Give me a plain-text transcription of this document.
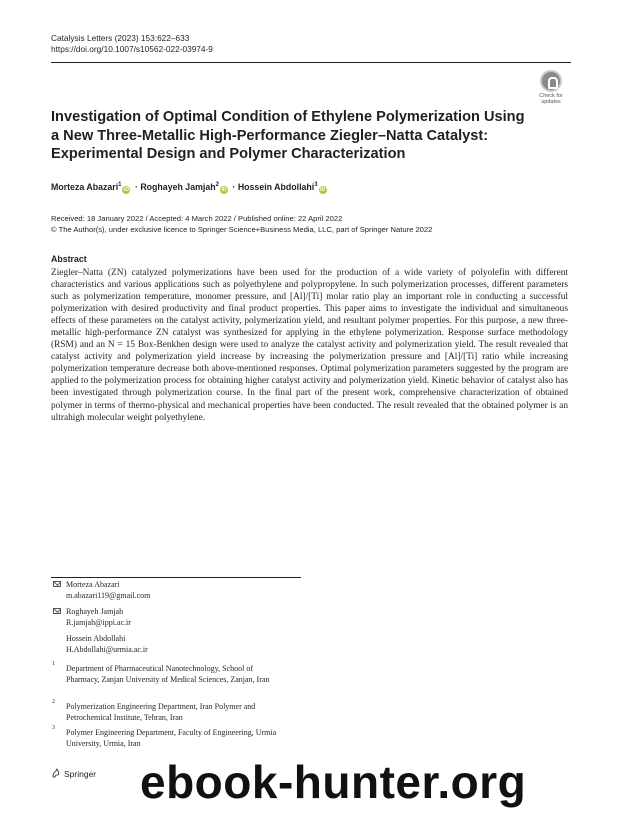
Catalysis Letters (2023) 153:622–633
https://doi.org/10.1007/s10562-022-03974-9
Check for
updates
Investigation of Optimal Condition of Ethylene Polymerization Using a New Three-Metallic High-Performance Ziegler–Natta Catalyst: Experimental Design and Polymer Characterization
Morteza Abazari$^1$iD · Roghayeh Jamjah$^2$iD · Hossein Abdollahi$^3$iD
Received: 18 January 2022 / Accepted: 4 March 2022 / Published online: 22 April 2022
© The Author(s), under exclusive licence to Springer Science+Business Media, LLC, part of Springer Nature 2022
Abstract

Ziegler–Natta (ZN) catalyzed polymerizations have been used for the production of a wide variety of polyolefin with different characteristics and various applications such as polyethylene and polypropylene. In such polymerization processes, different parameters such as polymerization temperature, monomer pressure, and [Al]/[Ti] molar ratio play an important role in conducting a successful polymerization with desired productivity and final product properties. This paper aims to investigate the individual and simultaneous effects of these parameters on the catalyst activity, polymerization yield, and resultant polymer properties. For this purpose, a new three-metallic high-performance ZN catalyst was synthesized for applying in the ethylene polymerization. Response surface methodology (RSM) and an N = 15 Box-Benkhen design were used to analyze the catalyst activity and polymerization yield. The result revealed that catalyst activity and polymerization yield increase by increasing the polymerization pressure and [Al]/[Ti] ratio while increasing polymerization temperature decrease both above-mentioned responses. Optimal polymerization parameters suggested by the program are applied to the polymerization process for obtaining higher catalyst activity and polymerization yield. Kinetic behavior of catalyst also has been investigated through polymerization course. In the final part of the present work, comprehensive characterization of obtained polymer in terms of thermo-physical and mechanical properties have been conducted. The result revealed that the obtained polymer is an ultrahigh molecular weight polyethylene.

Morteza Abazari
m.abazari119@gmail.com
Roghayeh Jamjah
R.jamjah@ippi.ac.ir
Hossein Abdollahi
H.Abdollahi@urmia.ac.ir
1 Department of Pharmaceutical Nanotechnology, School of Pharmacy, Zanjan University of Medical Sciences, Zanjan, Iran
2 Polymerization Engineering Department, Iran Polymer and Petrochemical Institute, Tehran, Iran
3 Polymer Engineering Department, Faculty of Engineering, Urmia University, Urmia, Iran
Springer ebook-hunter.org
